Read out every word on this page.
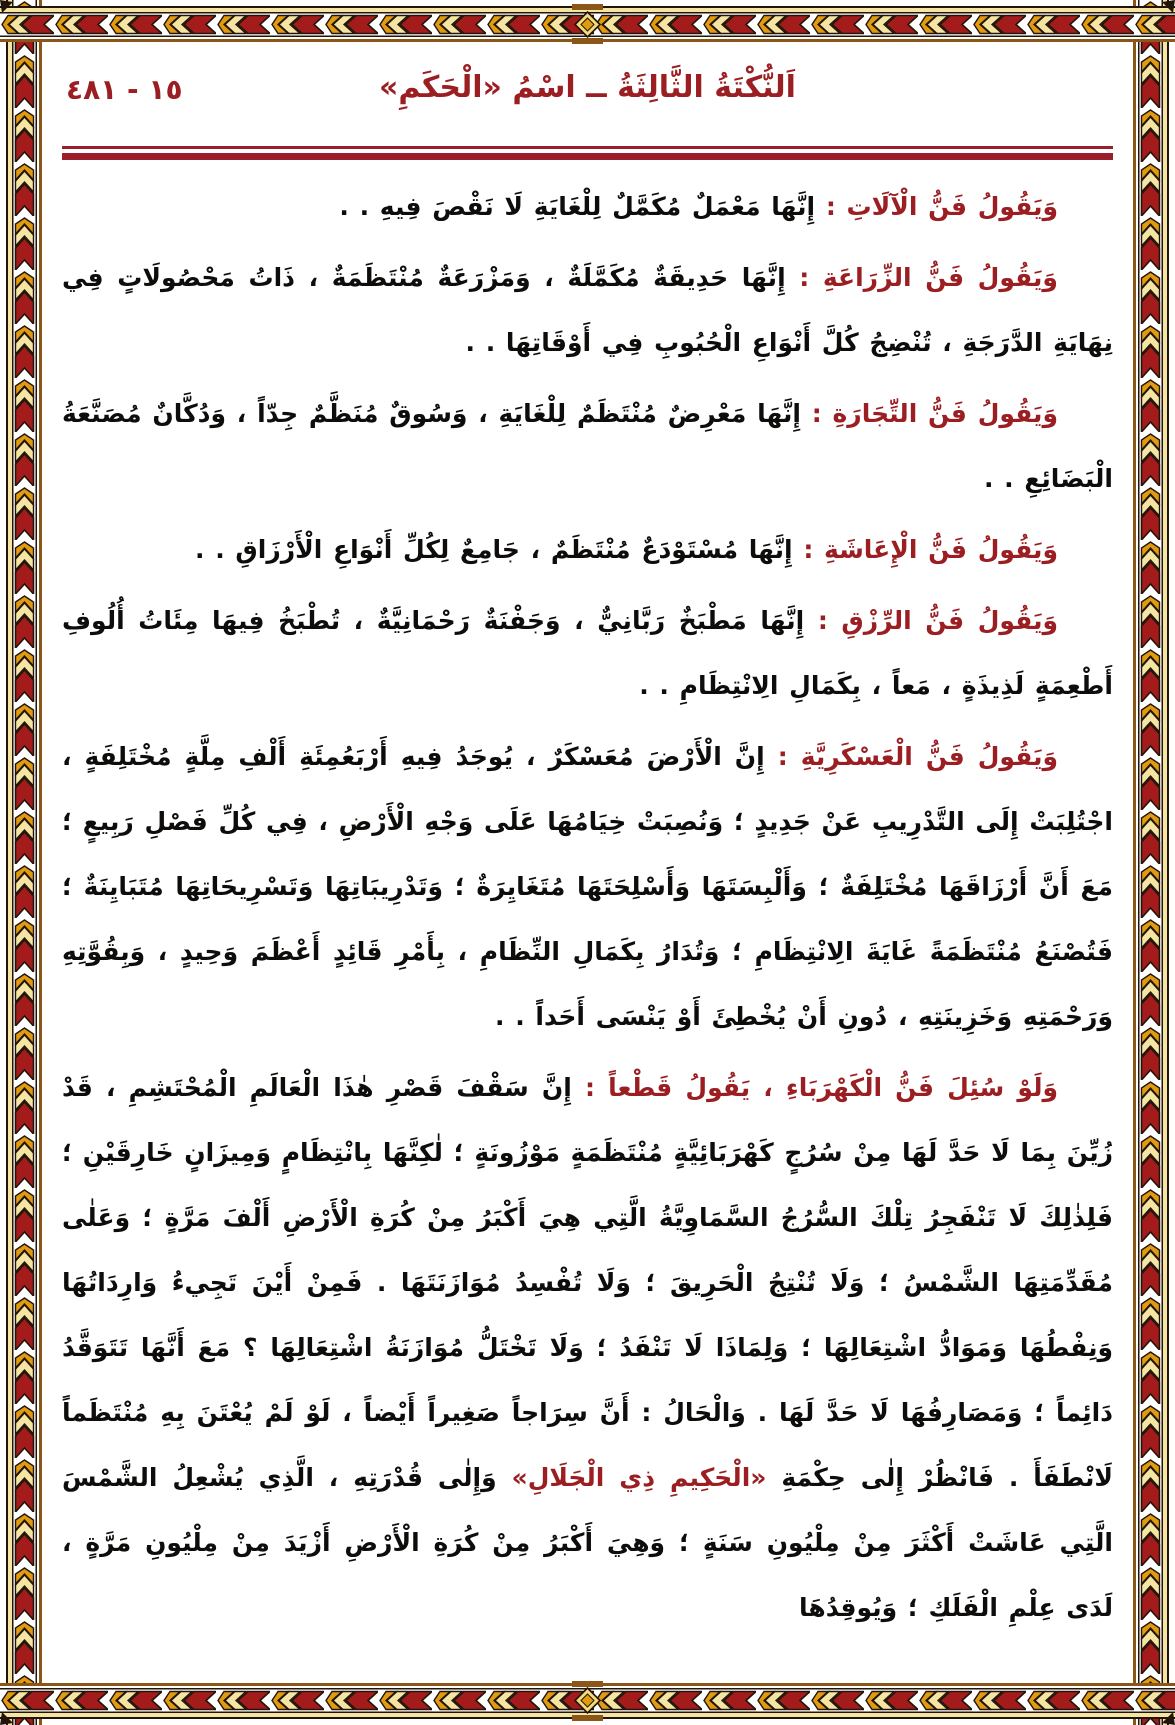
١٥ - ٤٨١	اَلنُّكْتَةُ الثَّالِثَةُ ــ اسْمُ «الْحَكَمِ»

وَيَقُولُ فَنُّ الْآلَاتِ : إِنَّهَا مَعْمَلٌ مُكَمَّلٌ لِلْغَايَةِ لَا نَقْصَ فِيهِ . .

وَيَقُولُ فَنُّ الزِّرَاعَةِ : إِنَّهَا حَدِيقَةٌ مُكَمَّلَةٌ ، وَمَزْرَعَةٌ مُنْتَظَمَةٌ ، ذَاتُ مَحْصُولَاتٍ فِي نِهَايَةِ الدَّرَجَةِ ، تُنْضِجُ كُلَّ أَنْوَاعِ الْحُبُوبِ فِي أَوْقَاتِهَا . .

وَيَقُولُ فَنُّ التِّجَارَةِ : إِنَّهَا مَعْرِضٌ مُنْتَظَمٌ لِلْغَايَةِ ، وَسُوقٌ مُنَظَّمٌ جِدّاً ، وَدُكَّانٌ مُصَنَّعَةُ الْبَضَائِعِ . .

وَيَقُولُ فَنُّ الْإِعَاشَةِ : إِنَّهَا مُسْتَوْدَعٌ مُنْتَظَمٌ ، جَامِعٌ لِكُلِّ أَنْوَاعِ الْأَرْزَاقِ . .

وَيَقُولُ فَنُّ الرِّزْقِ : إِنَّهَا مَطْبَخٌ رَبَّانِيٌّ ، وَجَفْنَةٌ رَحْمَانِيَّةٌ ، تُطْبَخُ فِيهَا مِئَاتُ أُلُوفِ أَطْعِمَةٍ لَذِيذَةٍ ، مَعاً ، بِكَمَالِ الِانْتِظَامِ . .

وَيَقُولُ فَنُّ الْعَسْكَرِيَّةِ : إِنَّ الْأَرْضَ مُعَسْكَرٌ ، يُوجَدُ فِيهِ أَرْبَعُمِئَةِ أَلْفِ مِلَّةٍ مُخْتَلِفَةٍ ، اجْتُلِبَتْ إِلَى التَّدْرِيبِ عَنْ جَدِيدٍ ؛ وَنُصِبَتْ خِيَامُهَا عَلَى وَجْهِ الْأَرْضِ ، فِي كُلِّ فَصْلِ رَبِيعٍ ؛ مَعَ أَنَّ أَرْزَاقَهَا مُخْتَلِفَةٌ ؛ وَأَلْبِسَتَهَا وَأَسْلِحَتَهَا مُتَغَايِرَةٌ ؛ وَتَدْرِيبَاتِهَا وَتَسْرِيحَاتِهَا مُتَبَايِنَةٌ ؛ فَتُصْنَعُ مُنْتَظَمَةً غَايَةَ الِانْتِظَامِ ؛ وَتُدَارُ بِكَمَالِ النِّظَامِ ، بِأَمْرِ قَائِدٍ أَعْظَمَ وَحِيدٍ ، وَبِقُوَّتِهِ وَرَحْمَتِهِ وَخَزِينَتِهِ ، دُونِ أَنْ يُخْطِئَ أَوْ يَنْسَى أَحَداً . .

وَلَوْ سُئِلَ فَنُّ الْكَهْرَبَاءِ ، يَقُولُ قَطْعاً : إِنَّ سَقْفَ قَصْرِ هٰذَا الْعَالَمِ الْمُحْتَشِمِ ، قَدْ زُيِّنَ بِمَا لَا حَدَّ لَهَا مِنْ سُرُجٍ كَهْرَبَائِيَّةٍ مُنْتَظَمَةٍ مَوْزُونَةٍ ؛ لٰكِنَّهَا بِانْتِظَامٍ وَمِيزَانٍ خَارِقَيْنِ ؛ فَلِذٰلِكَ لَا تَنْفَجِرُ تِلْكَ السُّرُجُ السَّمَاوِيَّةُ الَّتِي هِيَ أَكْبَرُ مِنْ كُرَةِ الْأَرْضِ أَلْفَ مَرَّةٍ ؛ وَعَلٰى مُقَدِّمَتِهَا الشَّمْسُ ؛ وَلَا تُنْتِجُ الْحَرِيقَ ؛ وَلَا تُفْسِدُ مُوَازَنَتَهَا . فَمِنْ أَيْنَ تَجِيءُ وَارِدَاتُهَا وَنِفْطُهَا وَمَوَادُّ اشْتِعَالِهَا ؛ وَلِمَاذَا لَا تَنْفَدُ ؛ وَلَا تَخْتَلُّ مُوَازَنَةُ اشْتِعَالِهَا ؟ مَعَ أَنَّهَا تَتَوَقَّدُ دَائِماً ؛ وَمَصَارِفُهَا لَا حَدَّ لَهَا . وَالْحَالُ : أَنَّ سِرَاجاً صَغِيراً أَيْضاً ، لَوْ لَمْ يُعْتَنَ بِهِ مُنْتَظَماً لَانْطَفَأَ . فَانْظُرْ إِلٰى حِكْمَةِ «الْحَكِيمِ ذِي الْجَلَالِ» وَإِلٰى قُدْرَتِهِ ، الَّذِي يُشْعِلُ الشَّمْسَ الَّتِي عَاشَتْ أَكْثَرَ مِنْ مِلْيُونِ سَنَةٍ ؛ وَهِيَ أَكْبَرُ مِنْ كُرَةِ الْأَرْضِ أَزْيَدَ مِنْ مِلْيُونِ مَرَّةٍ ، لَدَى عِلْمِ الْفَلَكِ ؛ وَيُوقِدُهَا
